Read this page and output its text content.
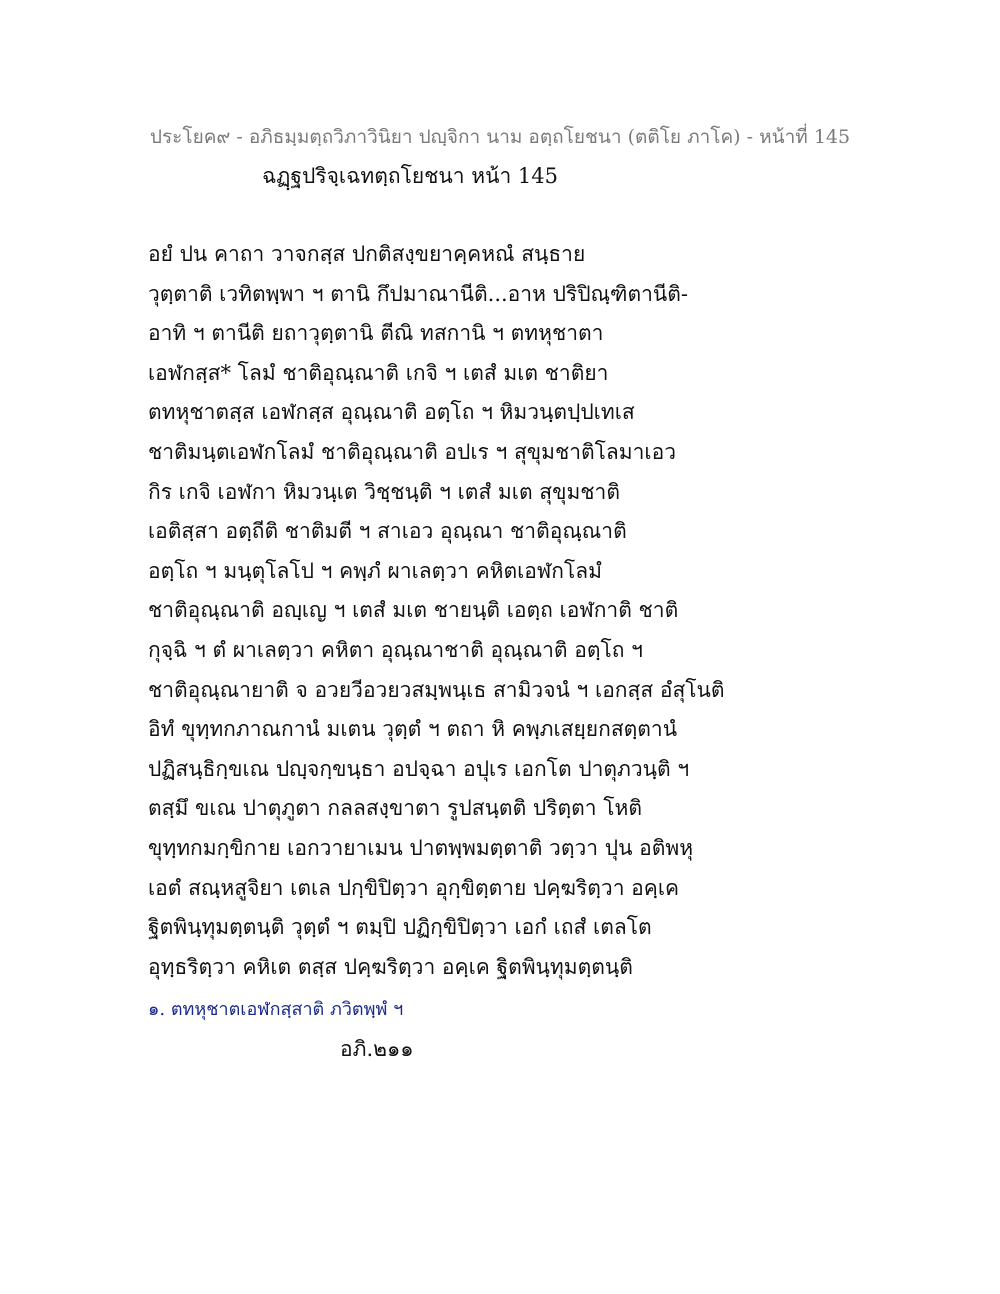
ประโยค๙ - อภิธมฺมตฺถวิภาวินิยา ปญฺจิกา นาม อตฺถโยชนา (ตติโย ภาโค) - หน้าที่ 145
ฉฏฺฐปริจฺเฉทตฺถโยชนา หน้า 145
อยํ ปน คาถา วาจกสฺส ปกติสงฺขยาคฺคหณํ สนฺธาย
วุตฺตาติ เวทิตพฺพา ฯ ตานิ กึปมาณานีติ...อาห ปริปิณฺฑิตานีติ-
อาทิ ฯ ตานีติ ยถาวุตฺตานิ ตีณิ ทสกานิ ฯ ตทหุชาตา
เอฬกสฺส* โลมํ ชาติอุณฺณาติ เกจิ ฯ เตสํ มเต ชาติยา
ตทหุชาตสฺส เอฬกสฺส อุณฺณาติ อตฺโถ ฯ หิมวนฺตปฺปเทเส
ชาติมนฺตเอฬกโลมํ ชาติอุณฺณาติ อปเร ฯ สุขุมชาติโลมาเอว
กิร เกจิ เอฬกา หิมวนฺเต วิชฺชนฺติ ฯ เตสํ มเต สุขุมชาติ
เอติสฺสา อตฺถีติ ชาติมตี ฯ สาเอว อุณฺณา ชาติอุณฺณาติ
อตฺโถ ฯ มนฺตุโลโป ฯ คพฺภํ ผาเลตฺวา คหิตเอฬกโลมํ
ชาติอุณฺณาติ อญฺเญ ฯ เตสํ มเต ชายนฺติ เอตฺถ เอฬกาติ ชาติ
กุจฺฉิ ฯ ตํ ผาเลตฺวา คหิตา อุณฺณาชาติ อุณฺณาติ อตฺโถ ฯ
ชาติอุณฺณายาติ จ อวยวีอวยวสมฺพนฺเธ สามิวจนํ ฯ เอกสฺส อํสุโนติ
อิทํ ขุทฺทกภาณกานํ มเตน วุตฺตํ ฯ ตถา หิ คพฺภเสยฺยกสตฺตานํ
ปฏิสนฺธิกฺขเณ ปญฺจกฺขนฺธา อปจฺฉา อปุเร เอกโต ปาตุภวนฺติ ฯ
ตสฺมึ ขเณ ปาตุภูตา กลลสงฺขาตา รูปสนฺตติ ปริตฺตา โหติ
ขุทฺทกมกฺขิกาย เอกวายาเมน ปาตพฺพมตฺตาติ วตฺวา ปุน อติพหุ
เอตํ สณฺหสูจิยา เตเล ปกฺขิปิตฺวา อุกฺขิตฺตาย ปคฺฆริตฺวา อคฺเค
ฐิตพินฺทุมตฺตนฺติ วุตฺตํ ฯ ตมฺปิ ปฏิกฺขิปิตฺวา เอกํ เถสํ เตลโต
อุทฺธริตฺวา คหิเต ตสฺส ปคฺฆริตฺวา อคฺเค ฐิตพินฺทุมตฺตนฺติ
๑. ตทหุชาตเอฬกสฺสาติ ภวิตพฺพํ ฯ
อภิ.๒๑๑
